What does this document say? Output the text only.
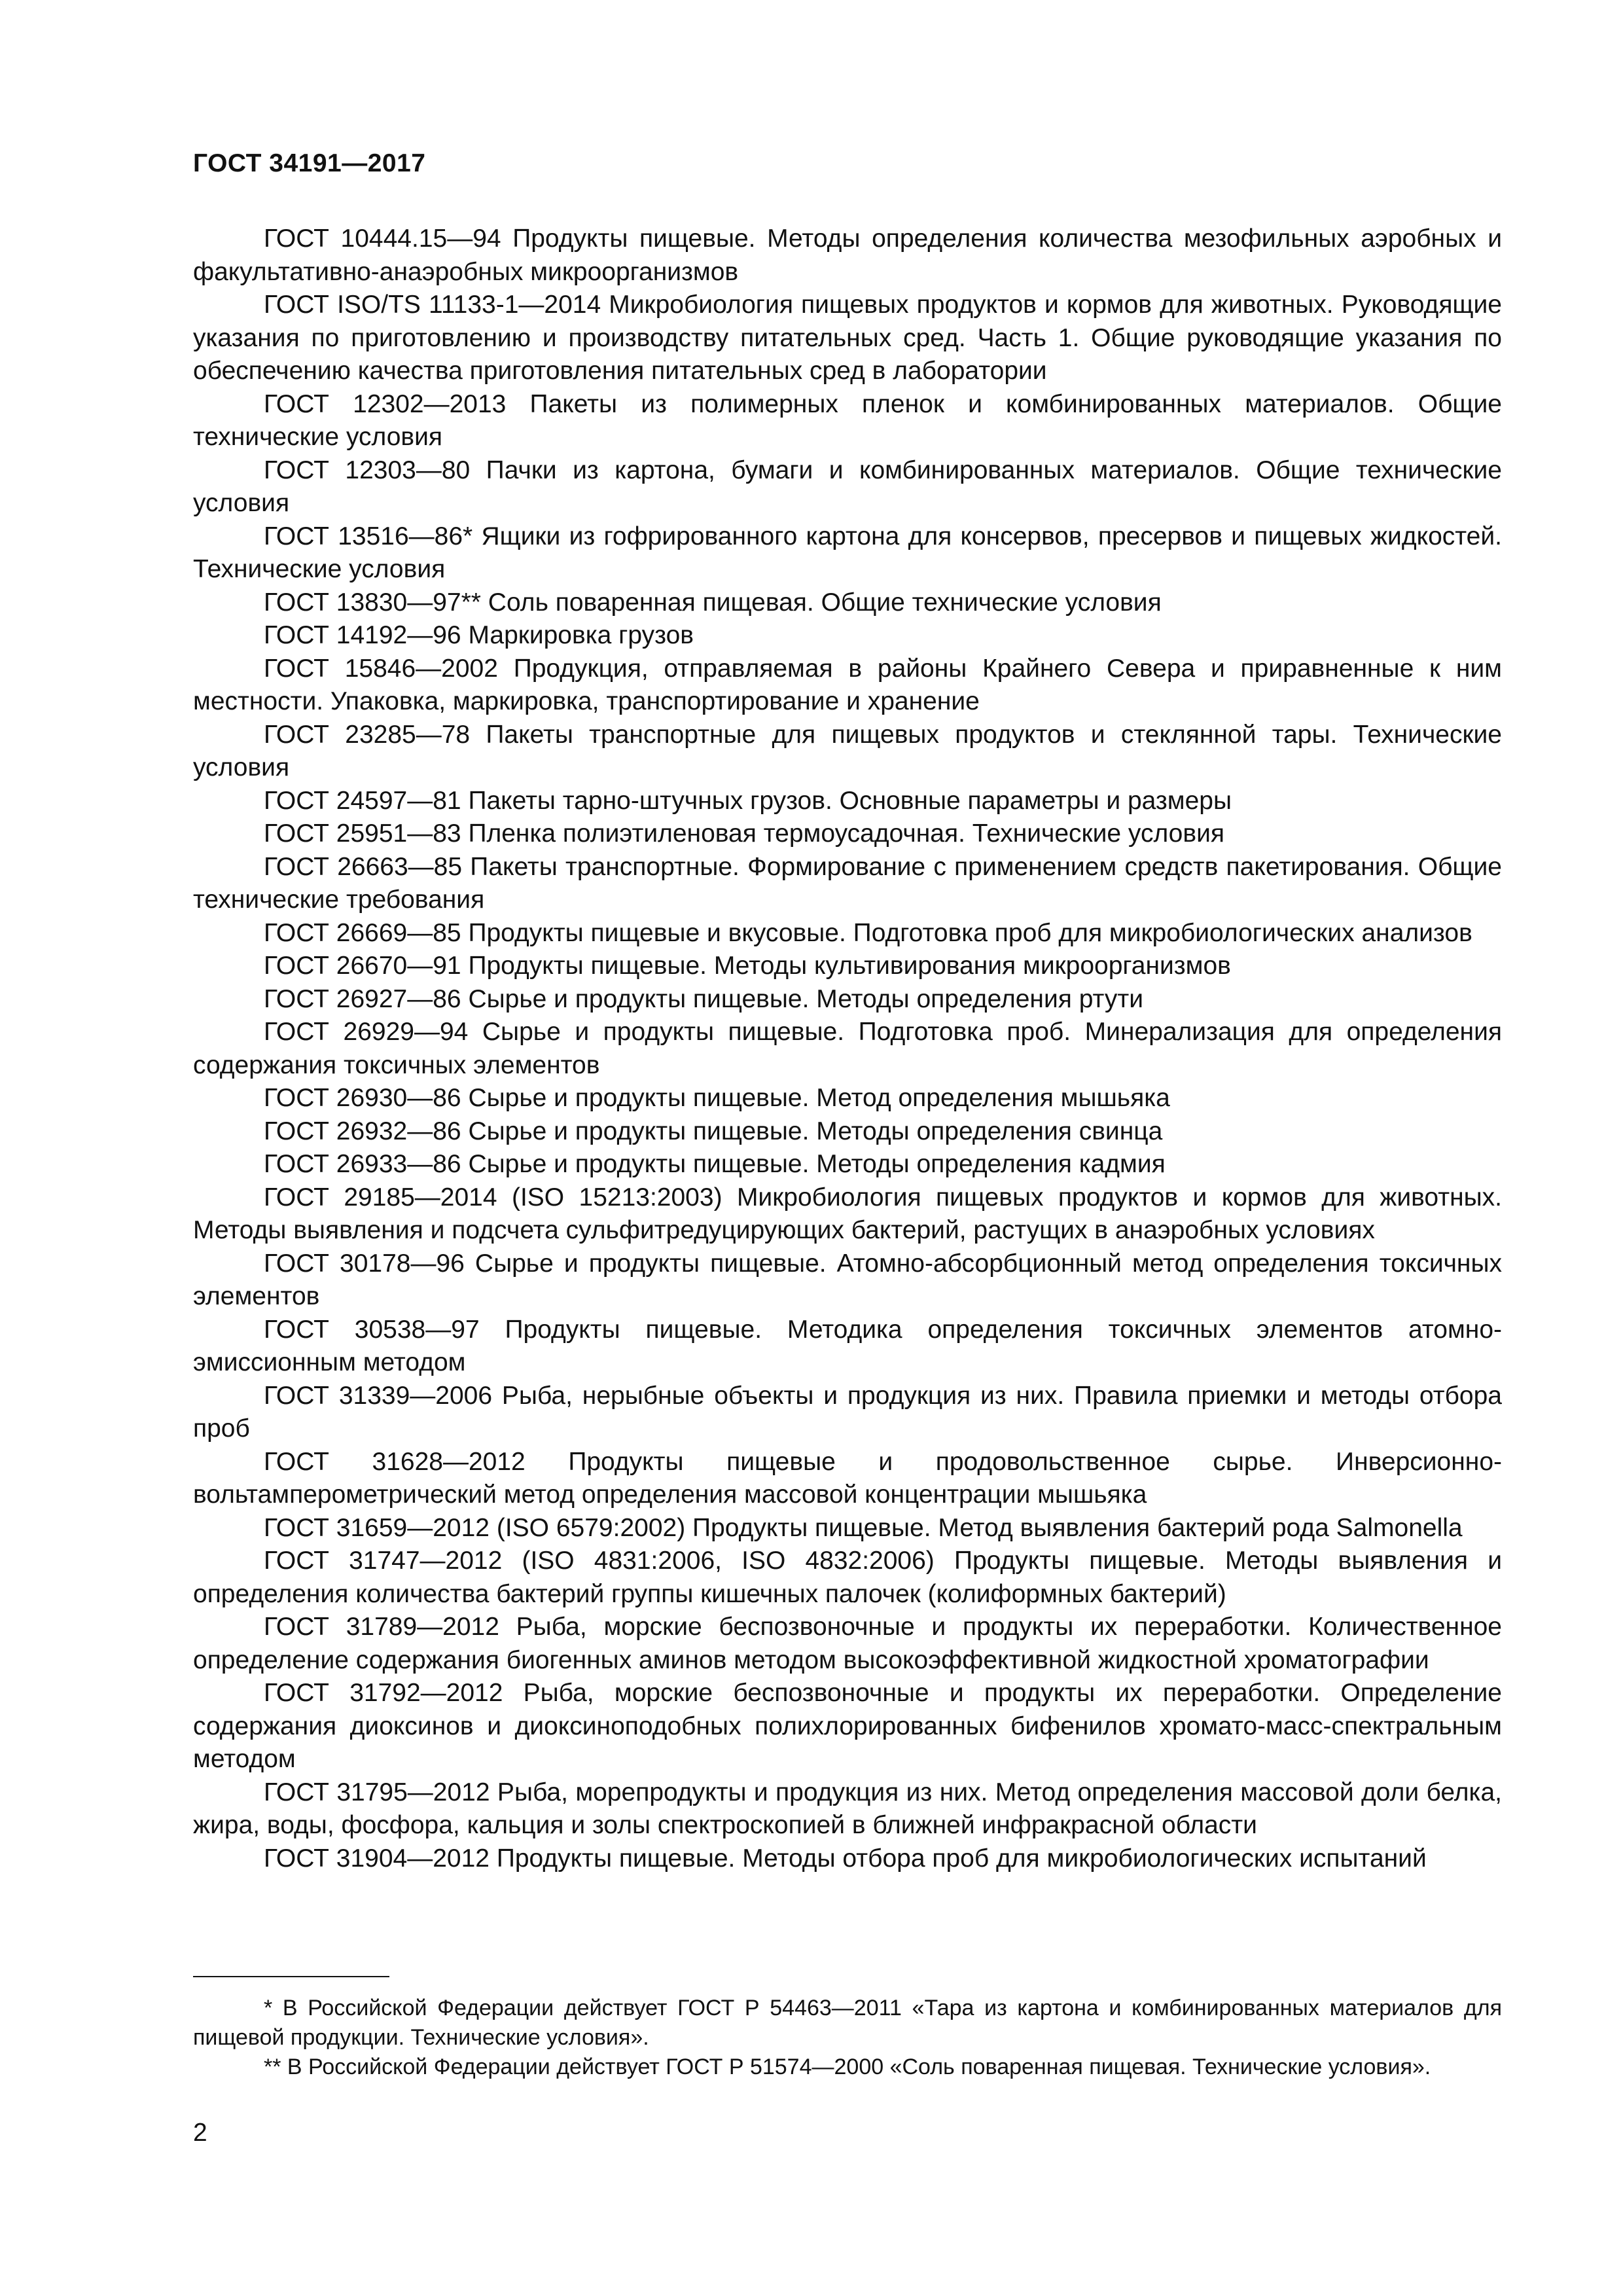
ГОСТ 34191—2017

ГОСТ 10444.15—94 Продукты пищевые. Методы определения количества мезофильных аэробных и факультативно-анаэробных микроорганизмов

ГОСТ ISO/TS 11133-1—2014 Микробиология пищевых продуктов и кормов для животных. Руководящие указания по приготовлению и производству питательных сред. Часть 1. Общие руководящие указания по обеспечению качества приготовления питательных сред в лаборатории

ГОСТ 12302—2013 Пакеты из полимерных пленок и комбинированных материалов. Общие технические условия

ГОСТ 12303—80 Пачки из картона, бумаги и комбинированных материалов. Общие технические условия

ГОСТ 13516—86* Ящики из гофрированного картона для консервов, пресервов и пищевых жидкостей. Технические условия

ГОСТ 13830—97** Соль поваренная пищевая. Общие технические условия

ГОСТ 14192—96 Маркировка грузов

ГОСТ 15846—2002 Продукция, отправляемая в районы Крайнего Севера и приравненные к ним местности. Упаковка, маркировка, транспортирование и хранение

ГОСТ 23285—78 Пакеты транспортные для пищевых продуктов и стеклянной тары. Технические условия

ГОСТ 24597—81 Пакеты тарно-штучных грузов. Основные параметры и размеры

ГОСТ 25951—83 Пленка полиэтиленовая термоусадочная. Технические условия

ГОСТ 26663—85 Пакеты транспортные. Формирование с применением средств пакетирования. Общие технические требования

ГОСТ 26669—85 Продукты пищевые и вкусовые. Подготовка проб для микробиологических анализов

ГОСТ 26670—91 Продукты пищевые. Методы культивирования микроорганизмов

ГОСТ 26927—86 Сырье и продукты пищевые. Методы определения ртути

ГОСТ 26929—94 Сырье и продукты пищевые. Подготовка проб. Минерализация для определения содержания токсичных элементов

ГОСТ 26930—86 Сырье и продукты пищевые. Метод определения мышьяка

ГОСТ 26932—86 Сырье и продукты пищевые. Методы определения свинца

ГОСТ 26933—86 Сырье и продукты пищевые. Методы определения кадмия

ГОСТ 29185—2014 (ISO 15213:2003) Микробиология пищевых продуктов и кормов для животных. Методы выявления и подсчета сульфитредуцирующих бактерий, растущих в анаэробных условиях

ГОСТ 30178—96 Сырье и продукты пищевые. Атомно-абсорбционный метод определения токсичных элементов

ГОСТ 30538—97 Продукты пищевые. Методика определения токсичных элементов атомно-эмиссионным методом

ГОСТ 31339—2006 Рыба, нерыбные объекты и продукция из них. Правила приемки и методы отбора проб

ГОСТ 31628—2012 Продукты пищевые и продовольственное сырье. Инверсионно-вольтамперометрический метод определения массовой концентрации мышьяка

ГОСТ 31659—2012 (ISO 6579:2002) Продукты пищевые. Метод выявления бактерий рода Salmonella

ГОСТ 31747—2012 (ISO 4831:2006, ISO 4832:2006) Продукты пищевые. Методы выявления и определения количества бактерий группы кишечных палочек (колиформных бактерий)

ГОСТ 31789—2012 Рыба, морские беспозвоночные и продукты их переработки. Количественное определение содержания биогенных аминов методом высокоэффективной жидкостной хроматографии

ГОСТ 31792—2012 Рыба, морские беспозвоночные и продукты их переработки. Определение содержания диоксинов и диоксиноподобных полихлорированных бифенилов хромато-масс-спектральным методом

ГОСТ 31795—2012 Рыба, морепродукты и продукция из них. Метод определения массовой доли белка, жира, воды, фосфора, кальция и золы спектроскопией в ближней инфракрасной области

ГОСТ 31904—2012 Продукты пищевые. Методы отбора проб для микробиологических испытаний

* В Российской Федерации действует ГОСТ Р 54463—2011 «Тара из картона и комбинированных материалов для пищевой продукции. Технические условия».

** В Российской Федерации действует ГОСТ Р 51574—2000 «Соль поваренная пищевая. Технические условия».

2
